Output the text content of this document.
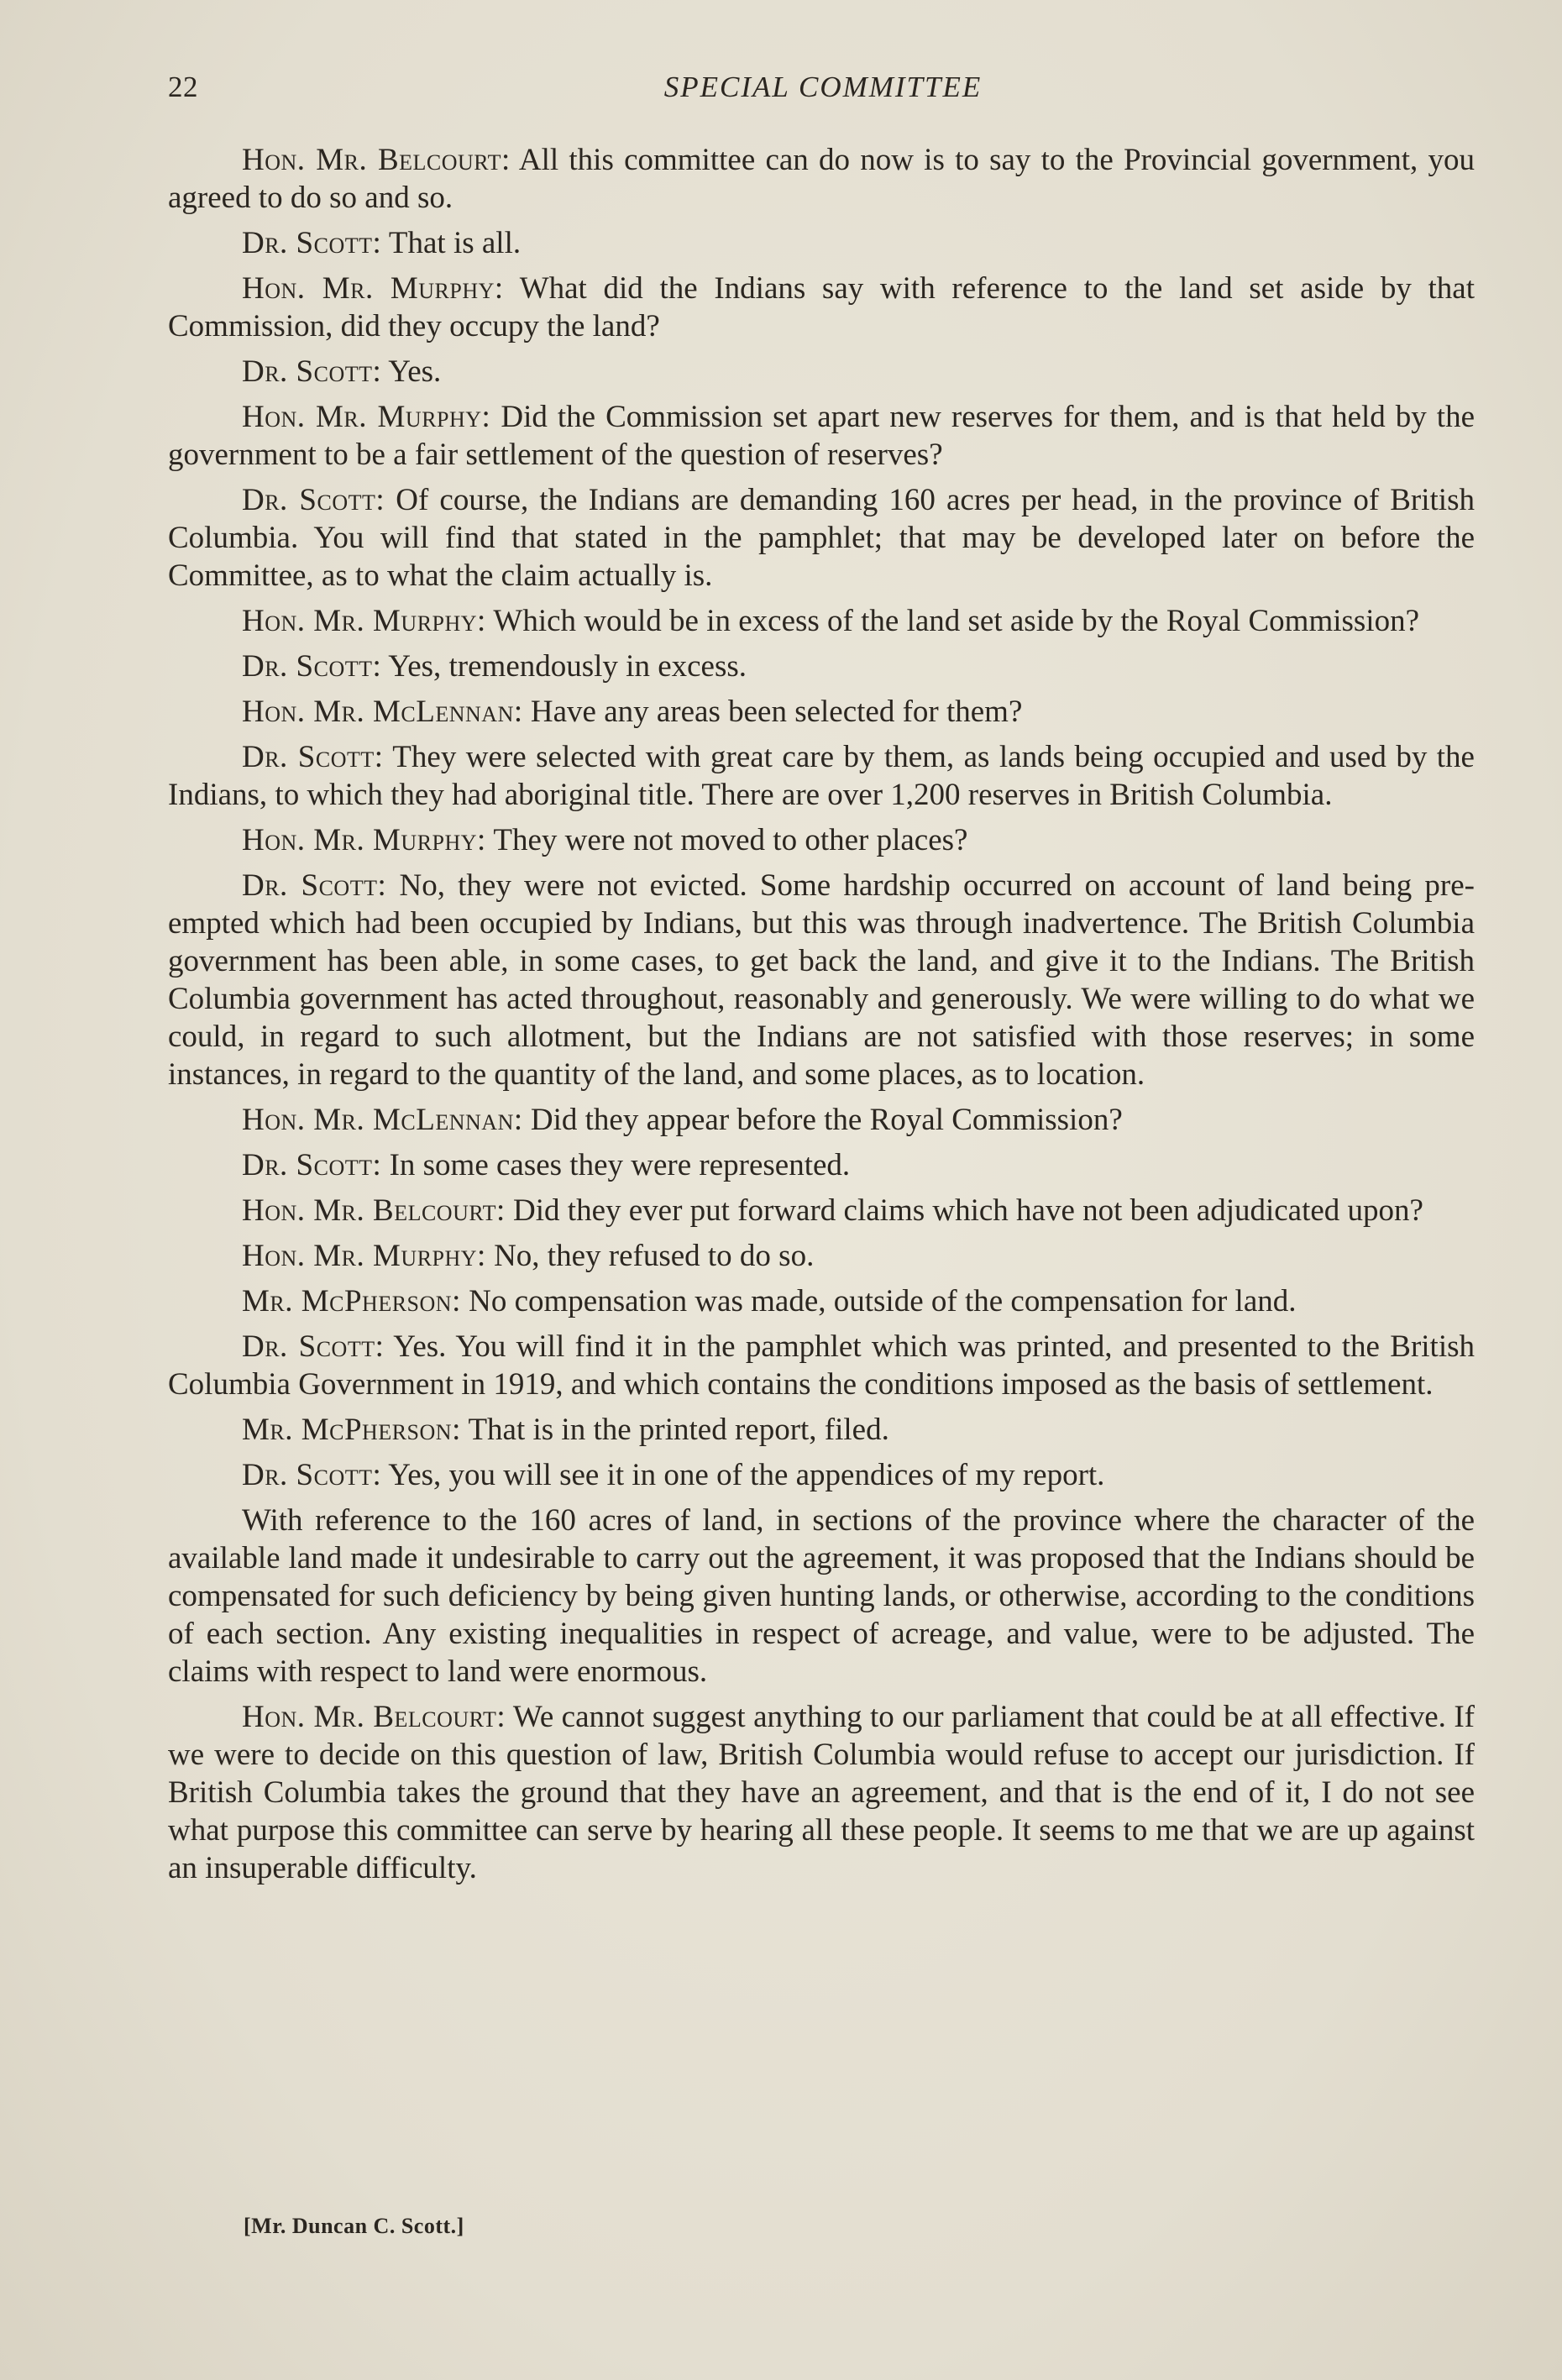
22	SPECIAL COMMITTEE

Hon. Mr. Belcourt: All this committee can do now is to say to the Provincial government, you agreed to do so and so.

Dr. Scott: That is all.

Hon. Mr. Murphy: What did the Indians say with reference to the land set aside by that Commission, did they occupy the land?

Dr. Scott: Yes.

Hon. Mr. Murphy: Did the Commission set apart new reserves for them, and is that held by the government to be a fair settlement of the question of reserves?

Dr. Scott: Of course, the Indians are demanding 160 acres per head, in the province of British Columbia. You will find that stated in the pamphlet; that may be developed later on before the Committee, as to what the claim actually is.

Hon. Mr. Murphy: Which would be in excess of the land set aside by the Royal Commission?

Dr. Scott: Yes, tremendously in excess.

Hon. Mr. McLennan: Have any areas been selected for them?

Dr. Scott: They were selected with great care by them, as lands being occupied and used by the Indians, to which they had aboriginal title. There are over 1,200 reserves in British Columbia.

Hon. Mr. Murphy: They were not moved to other places?

Dr. Scott: No, they were not evicted. Some hardship occurred on account of land being pre-empted which had been occupied by Indians, but this was through inadvertence. The British Columbia government has been able, in some cases, to get back the land, and give it to the Indians. The British Columbia government has acted throughout, reasonably and generously. We were willing to do what we could, in regard to such allotment, but the Indians are not satisfied with those reserves; in some instances, in regard to the quantity of the land, and some places, as to location.

Hon. Mr. McLennan: Did they appear before the Royal Commission?

Dr. Scott: In some cases they were represented.

Hon. Mr. Belcourt: Did they ever put forward claims which have not been adjudicated upon?

Hon. Mr. Murphy: No, they refused to do so.

Mr. McPherson: No compensation was made, outside of the compensation for land.

Dr. Scott: Yes. You will find it in the pamphlet which was printed, and presented to the British Columbia Government in 1919, and which contains the conditions imposed as the basis of settlement.

Mr. McPherson: That is in the printed report, filed.

Dr. Scott: Yes, you will see it in one of the appendices of my report.

With reference to the 160 acres of land, in sections of the province where the character of the available land made it undesirable to carry out the agreement, it was proposed that the Indians should be compensated for such deficiency by being given hunting lands, or otherwise, according to the conditions of each section. Any existing inequalities in respect of acreage, and value, were to be adjusted. The claims with respect to land were enormous.

Hon. Mr. Belcourt: We cannot suggest anything to our parliament that could be at all effective. If we were to decide on this question of law, British Columbia would refuse to accept our jurisdiction. If British Columbia takes the ground that they have an agreement, and that is the end of it, I do not see what purpose this committee can serve by hearing all these people. It seems to me that we are up against an insuperable difficulty.

[Mr. Duncan C. Scott.]
